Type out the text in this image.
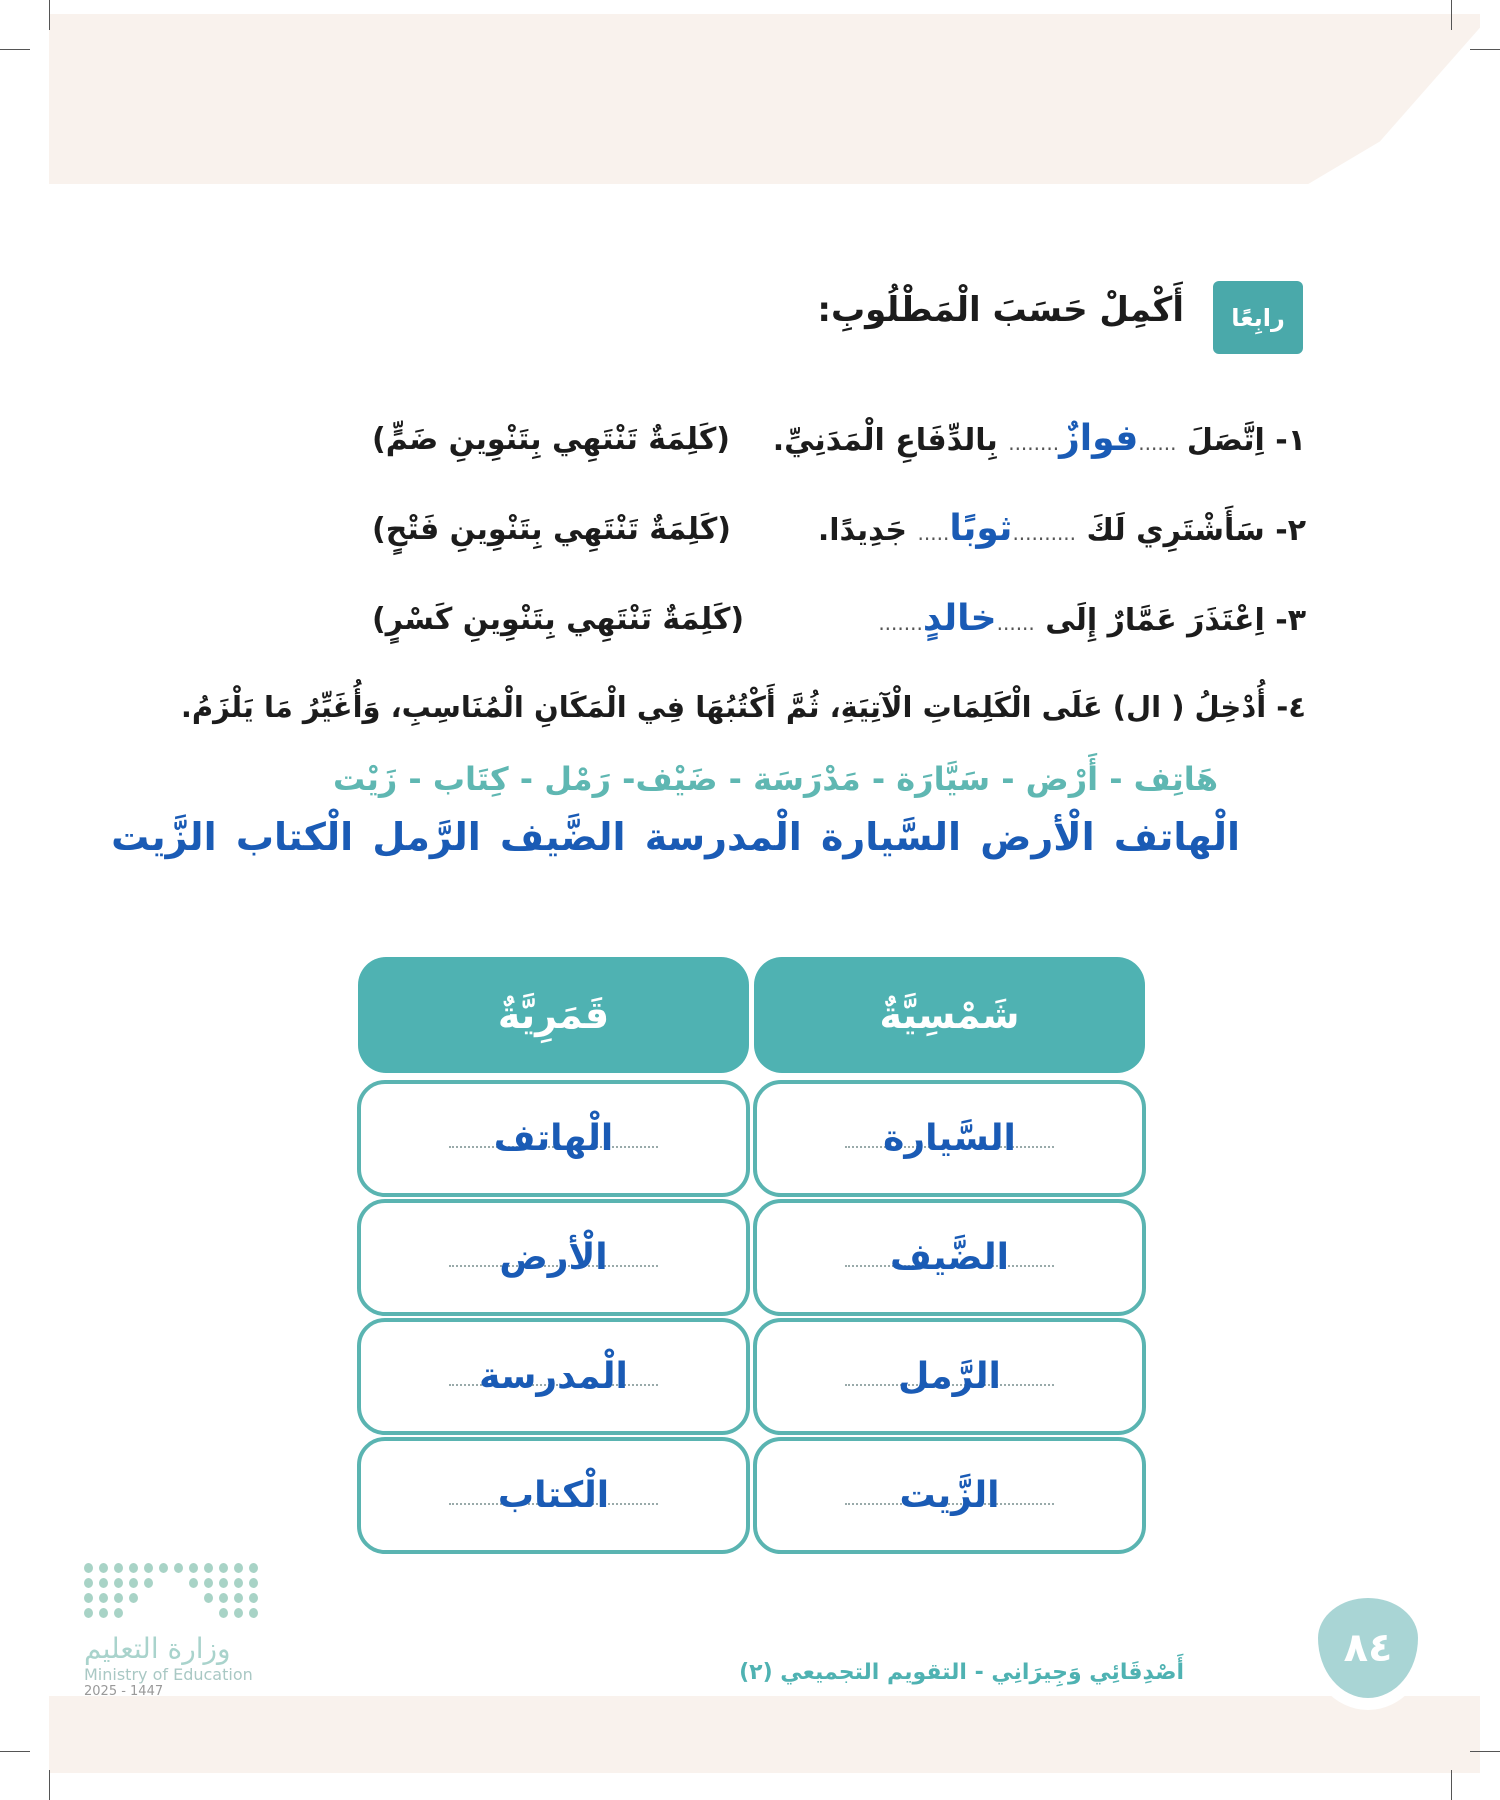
رابِعًا
أَكْمِلْ حَسَبَ الْمَطْلُوبِ:
١- اِتَّصَلَ ......فوازٌ........ بِالدِّفَاعِ الْمَدَنِيِّ.
(كَلِمَةٌ تَنْتَهِي بِتَنْوِينِ ضَمٍّ)
٢- سَأَشْتَرِي لَكَ ..........ثوبًا..... جَدِيدًا.
(كَلِمَةٌ تَنْتَهِي بِتَنْوِينِ فَتْحٍ)
٣- اِعْتَذَرَ عَمَّارٌ إِلَى ......خالدٍ.......
(كَلِمَةٌ تَنْتَهِي بِتَنْوِينِ كَسْرٍ)
٤- أُدْخِلُ ( ال) عَلَى الْكَلِمَاتِ الْآتِيَةِ، ثُمَّ أَكْتُبُهَا فِي الْمَكَانِ الْمُنَاسِبِ، وَأُغَيِّرُ مَا يَلْزَمُ.
هَاتِف - أَرْض - سَيَّارَة - مَدْرَسَة - ضَيْف- رَمْل - كِتَاب - زَيْت
الْهاتف الْأرض السَّيارة الْمدرسة الضَّيف الرَّمل الْكتاب الزَّيت
شَمْسِيَّةٌ
قَمَرِيَّةٌ
السَّيارة
الضَّيف
الرَّمل
الزَّيت
الْهاتف
الْأرض
الْمدرسة
الْكتاب
وزارة التعليم
Ministry of Education
2025 - 1447
٨٤
أَصْدِقَائِي وَجِيرَانِي - التقويم التجميعي (٢)
